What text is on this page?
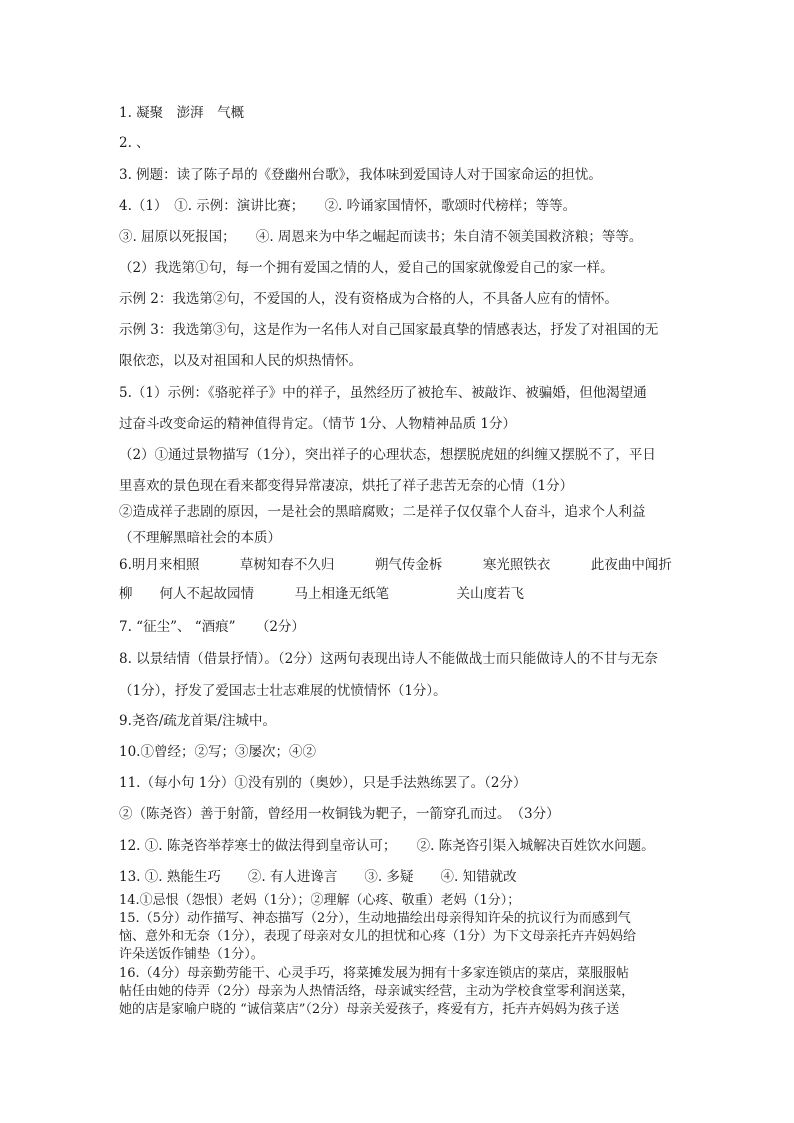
1. 凝聚　澎湃　气概
2. 、
3. 例题：读了陈子昂的《登幽州台歌》，我体味到爱国诗人对于国家命运的担忧。
4.（1）　①. 示例：演讲比赛；　　②. 吟诵家国情怀，歌颂时代榜样；等等。
③. 屈原以死报国；　　④. 周恩来为中华之崛起而读书；朱自清不领美国救济粮；等等。
（2）我选第①句，每一个拥有爱国之情的人，爱自己的国家就像爱自己的家一样。
示例 2：我选第②句，不爱国的人，没有资格成为合格的人，不具备人应有的情怀。
示例 3：我选第③句，这是作为一名伟人对自己国家最真挚的情感表达，抒发了对祖国的无
限依恋，以及对祖国和人民的炽热情怀。
5.（1）示例：《骆驼祥子》中的祥子，虽然经历了被抢车、被敲诈、被骗婚，但他渴望通
过奋斗改变命运的精神值得肯定。（情节 1分、人物精神品质 1分）
（2）①通过景物描写（1分），突出祥子的心理状态，想摆脱虎妞的纠缠又摆脱不了，平日
里喜欢的景色现在看来都变得异常凄凉，烘托了祥子悲苦无奈的心情（1分）
②造成祥子悲剧的原因，一是社会的黑暗腐败；二是祥子仅仅靠个人奋斗，追求个人利益
（不理解黑暗社会的本质）
6.明月来相照　　　草树知春不久归　　　朔气传金柝　　　寒光照铁衣　　　此夜曲中闻折
柳　　何人不起故园情　　　马上相逢无纸笔　　　　　关山度若飞
7. “征尘”、 “酒痕”　　（2分）
8. 以景结情（借景抒情）。（2分）这两句表现出诗人不能做战士而只能做诗人的不甘与无奈
（1分），抒发了爱国志士壮志难展的忧愤情怀（1分）。
9.尧咨/疏龙首渠/注城中。
10.①曾经；②写；③屡次；④②
11.（每小句 1分）①没有别的（奥妙），只是手法熟练罢了。（2分）
②（陈尧咨）善于射箭，曾经用一枚铜钱为靶子，一箭穿孔而过。　（3分）
12. ①. 陈尧咨举荐寒士的做法得到皇帝认可；　　②. 陈尧咨引渠入城解决百姓饮水问题。
13. ①. 熟能生巧　　②. 有人进谗言　　③. 多疑　　④. 知错就改
14.①忌恨（怨恨）老妈（1分）；②理解（心疼、敬重）老妈（1分）；
15.（5分）动作描写、神态描写（2分），生动地描绘出母亲得知许朵的抗议行为而感到气
恼、意外和无奈（1分），表现了母亲对女儿的担忧和心疼（1分）为下文母亲托卉卉妈妈给
许朵送饭作铺垫（1分）。
16.（4分）母亲勤劳能干、心灵手巧，将菜摊发展为拥有十多家连锁店的菜店，菜服服帖
帖任由她的侍弄（2分）母亲为人热情活络，母亲诚实经营，主动为学校食堂零利润送菜，
她的店是家喻户晓的 “诚信菜店”（2分）母亲关爱孩子，疼爱有方，托卉卉妈妈为孩子送
